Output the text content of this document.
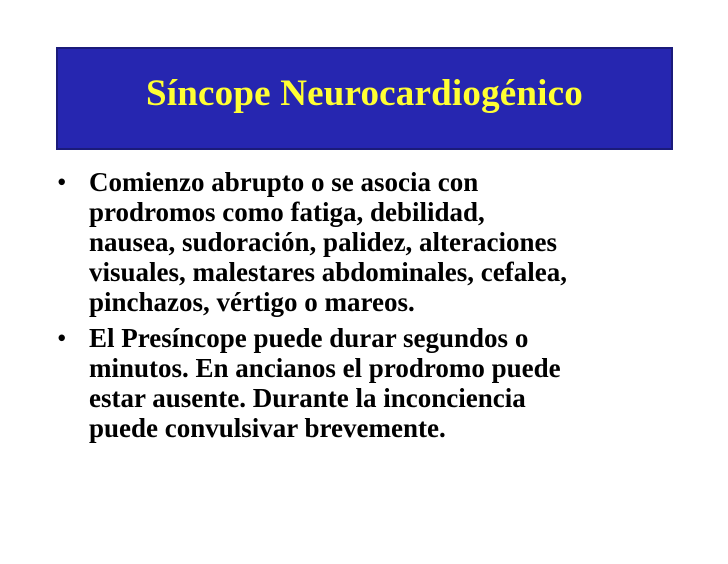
Síncope Neurocardiogénico
• Comienzo abrupto o se asocia con
prodromos como fatiga, debilidad,
nausea, sudoración, palidez, alteraciones
visuales, malestares abdominales, cefalea,
pinchazos, vértigo o mareos.
• El Presíncope puede durar segundos o
minutos. En ancianos el prodromo puede
estar ausente. Durante la inconciencia
puede convulsivar brevemente.
